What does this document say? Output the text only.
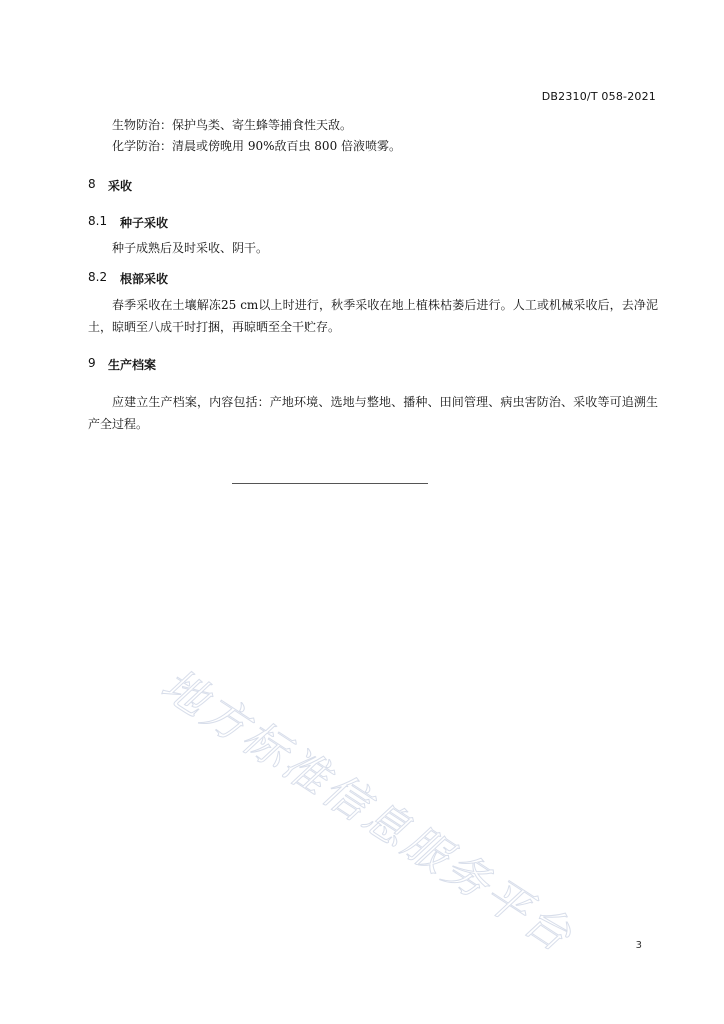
DB2310/T 058-2021

生物防治：保护鸟类、寄生蜂等捕食性天敌。

化学防治：清晨或傍晚用 90%敌百虫 800 倍液喷雾。

8	采收
8.1	种子采收

种子成熟后及时采收、阴干。

8.2	根部采收

春季采收在土壤解冻25 cm以上时进行，秋季采收在地上植株枯萎后进行。人工或机械采收后，去净泥土，晾晒至八成干时打捆，再晾晒至全干贮存。

9	生产档案

应建立生产档案，内容包括：产地环境、选地与整地、播种、田间管理、病虫害防治、采收等可追溯生产全过程。

地方标准信息服务平台	3
